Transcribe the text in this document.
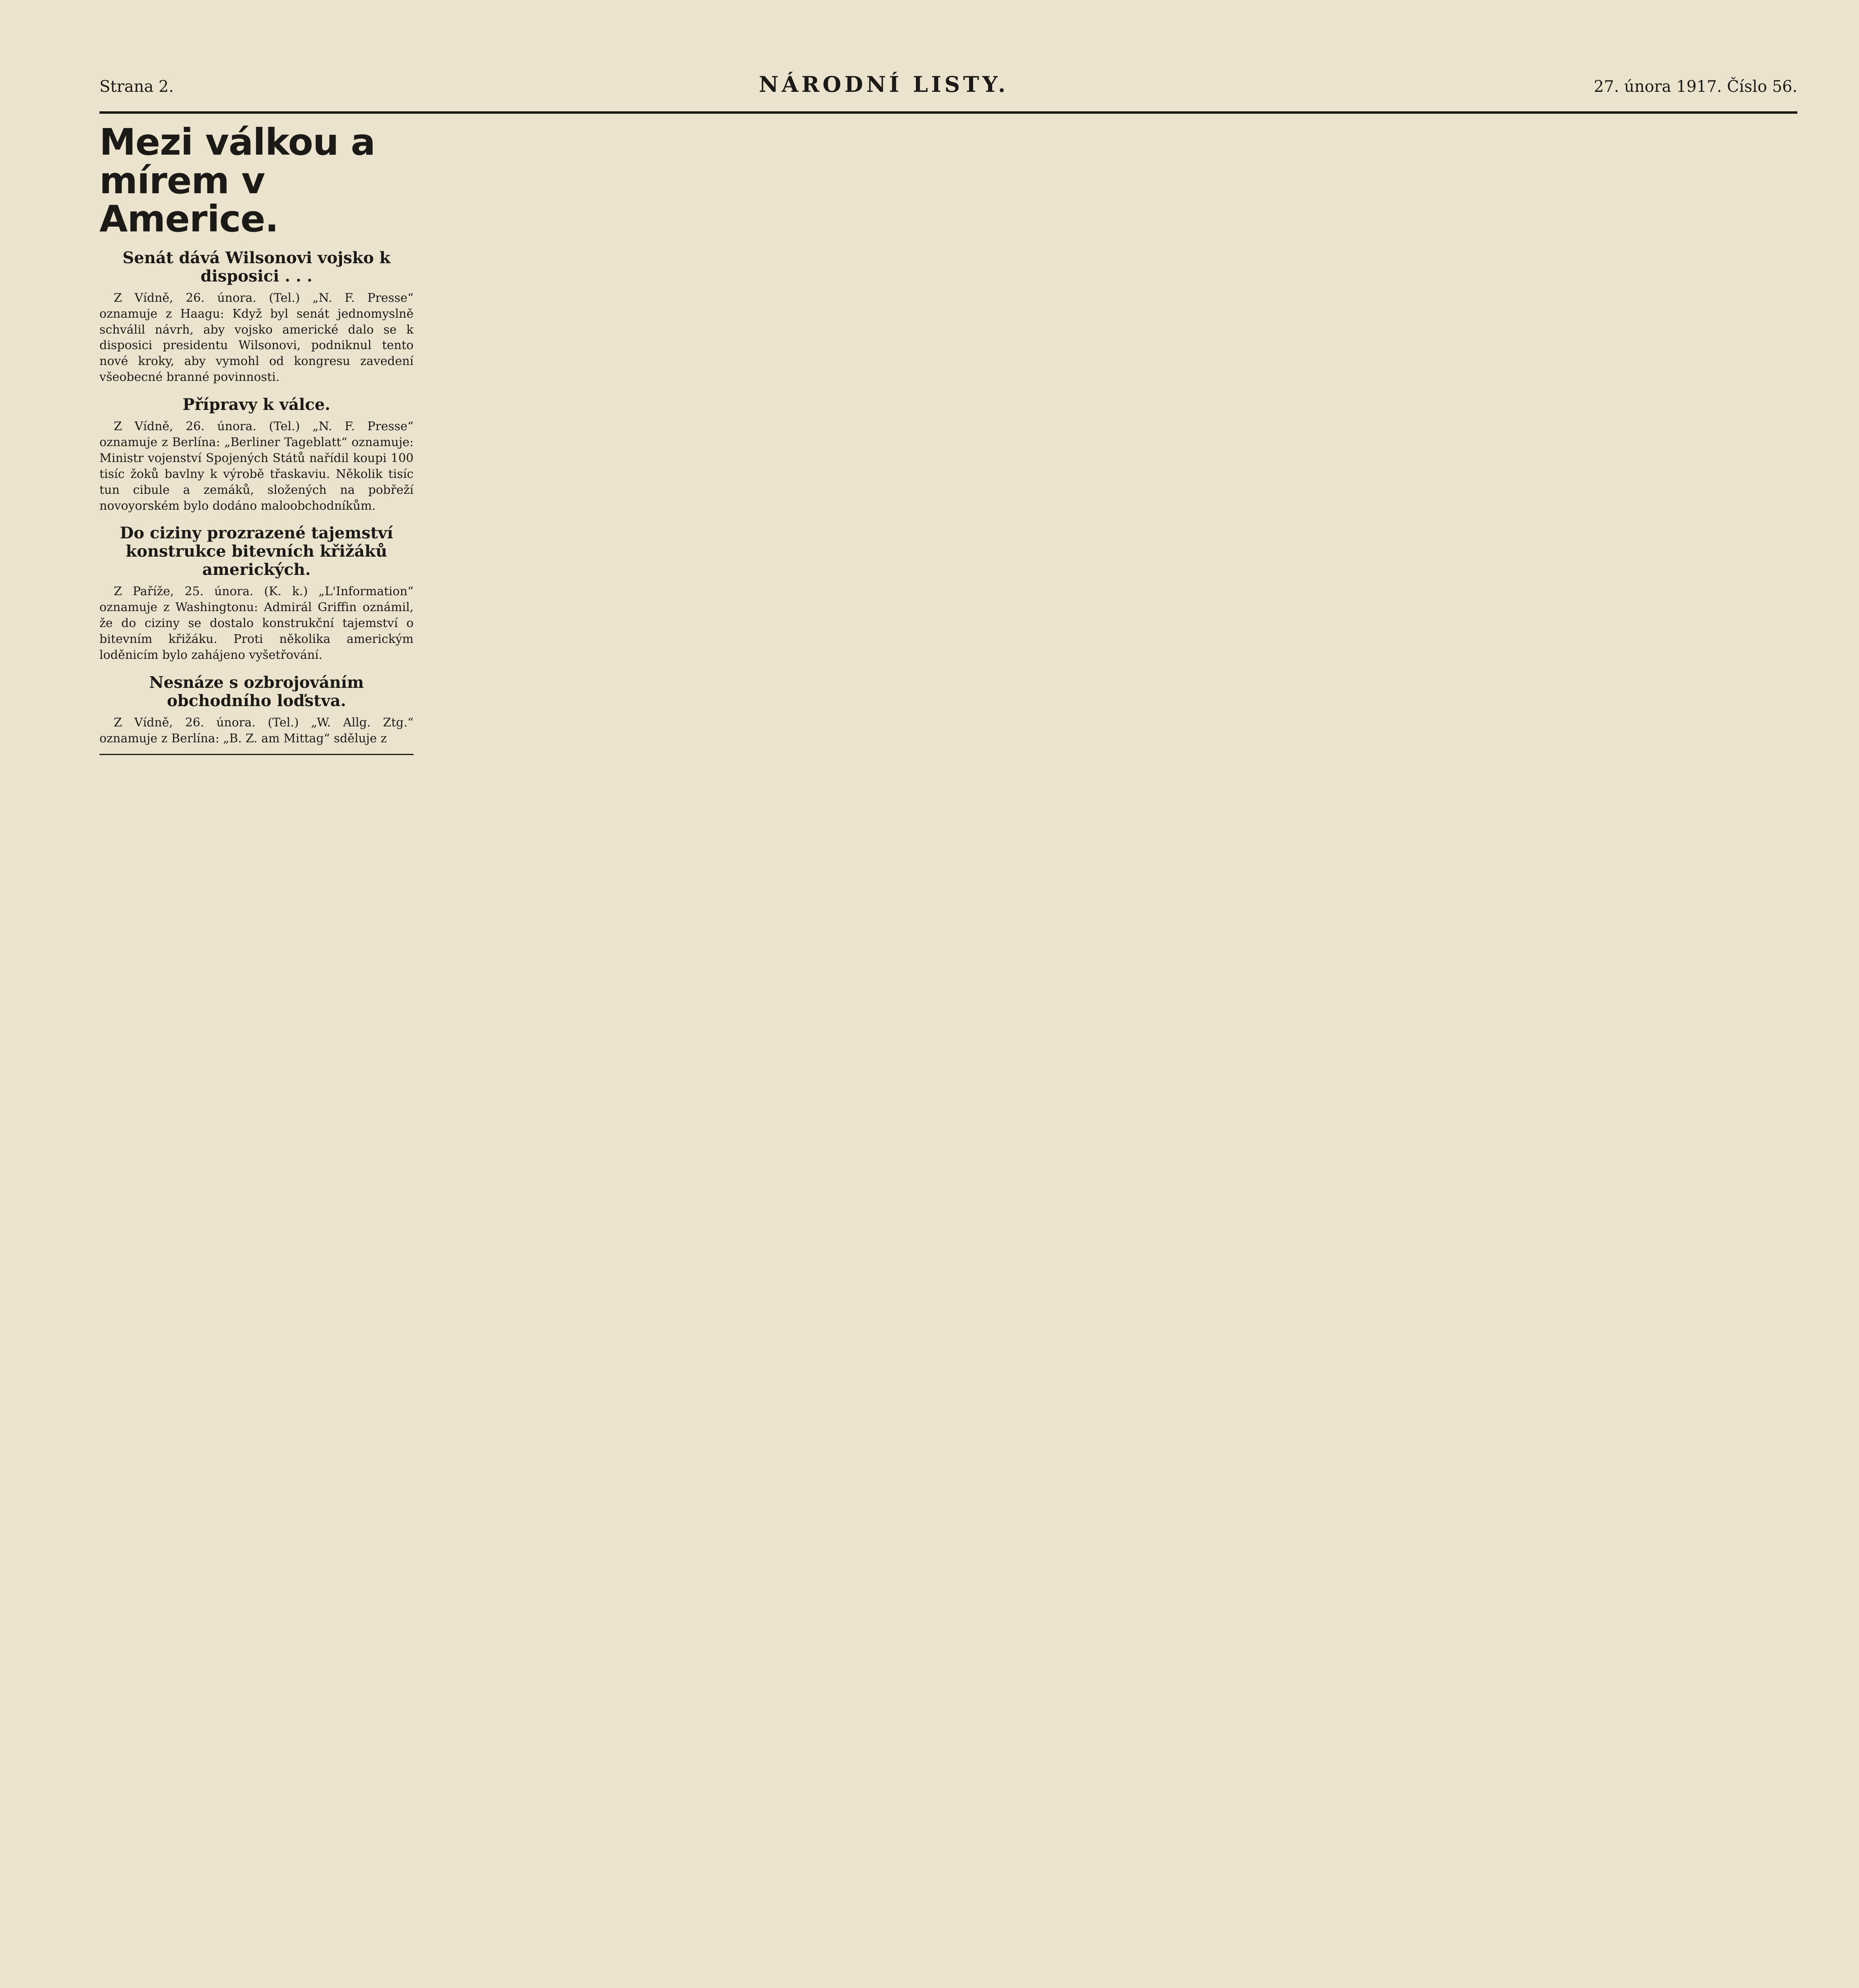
Strana 2.	NÁRODNÍ LISTY.	27. února 1917. Číslo 56.
Mezi válkou a mírem v Americe.
Senát dává Wilsonovi vojsko k disposici . . .

Z Vídně, 26. února. (Tel.) „N. F. Presse“ oznamuje z Haagu: Když byl senát jednomyslně schválil návrh, aby vojsko americké dalo se k disposici presidentu Wilsonovi, podniknul tento nové kroky, aby vymohl od kongresu zavedení všeobecné branné povinnosti.

Přípravy k válce.

Z Vídně, 26. února. (Tel.) „N. F. Presse“ oznamuje z Berlína: „Berliner Tageblatt“ oznamuje: Ministr vojenství Spojených Států nařídil koupi 100 tisíc žoků bavlny k výrobě třaskaviu. Několik tisíc tun cibule a zemáků, složených na pobřeží novoyorském bylo dodáno maloobchodníkům.

Do ciziny prozrazené tajemství konstrukce bitevních křižáků amerických.

Z Paříže, 25. února. (K. k.) „L'Information“ oznamuje z Washingtonu: Admirál Griffin oznámil, že do ciziny se dostalo konstrukční tajemství o bitevním křižáku. Proti několika americkým loděnicím bylo zahájeno vyšetřování.

Nesnáze s ozbrojováním obchodního loďstva.

Z Vídně, 26. února. (Tel.) „W. Allg. Ztg.“ oznamuje z Berlína: „B. Z. am Mittag“ sděluje z
